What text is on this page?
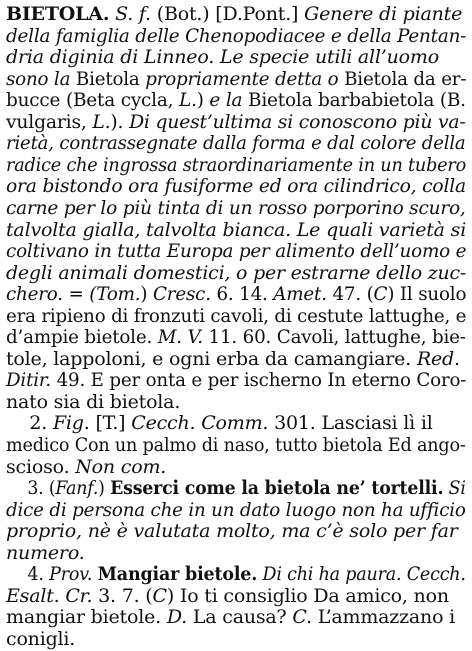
BIETOLA. S. f. (Bot.) [D.Pont.] Genere di piante
della famiglia delle Chenopodiacee e della Pentan-
dria diginia di Linneo. Le specie utili all’uomo
sono la Bietola propriamente detta o Bietola da er-
bucce (Beta cycla, L.) e la Bietola barbabietola (B.
vulgaris, L.). Di quest’ultima si conoscono più va-
rietà, contrassegnate dalla forma e dal colore della
radice che ingrossa straordinariamente in un tubero
ora bistondo ora fusiforme ed ora cilindrico, colla
carne per lo più tinta di un rosso porporino scuro,
talvolta gialla, talvolta bianca. Le quali varietà si
coltivano in tutta Europa per alimento dell’uomo e
degli animali domestici, o per estrarne dello zuc-
chero. = (Tom.) Cresc. 6. 14. Amet. 47. (C) Il suolo
era ripieno di fronzuti cavoli, di cestute lattughe, e
d’ampie bietole. M. V. 11. 60. Cavoli, lattughe, bie-
tole, lappoloni, e ogni erba da camangiare. Red.
Ditir. 49. E per onta e per ischerno In eterno Coro-
nato sia di bietola.
2. Fig. [T.] Cecch. Comm. 301. Lasciasi lì il
medico Con un palmo di naso, tutto bietola Ed ango-
scioso. Non com.
3. (Fanf.) Esserci come la bietola ne’ tortelli. Si
dice di persona che in un dato luogo non ha ufficio
proprio, nè è valutata molto, ma c’è solo per far
numero.
4. Prov. Mangiar bietole. Di chi ha paura. Cecch.
Esalt. Cr. 3. 7. (C) Io ti consiglio Da amico, non
mangiar bietole. D. La causa? C. L’ammazzano i
conigli.
